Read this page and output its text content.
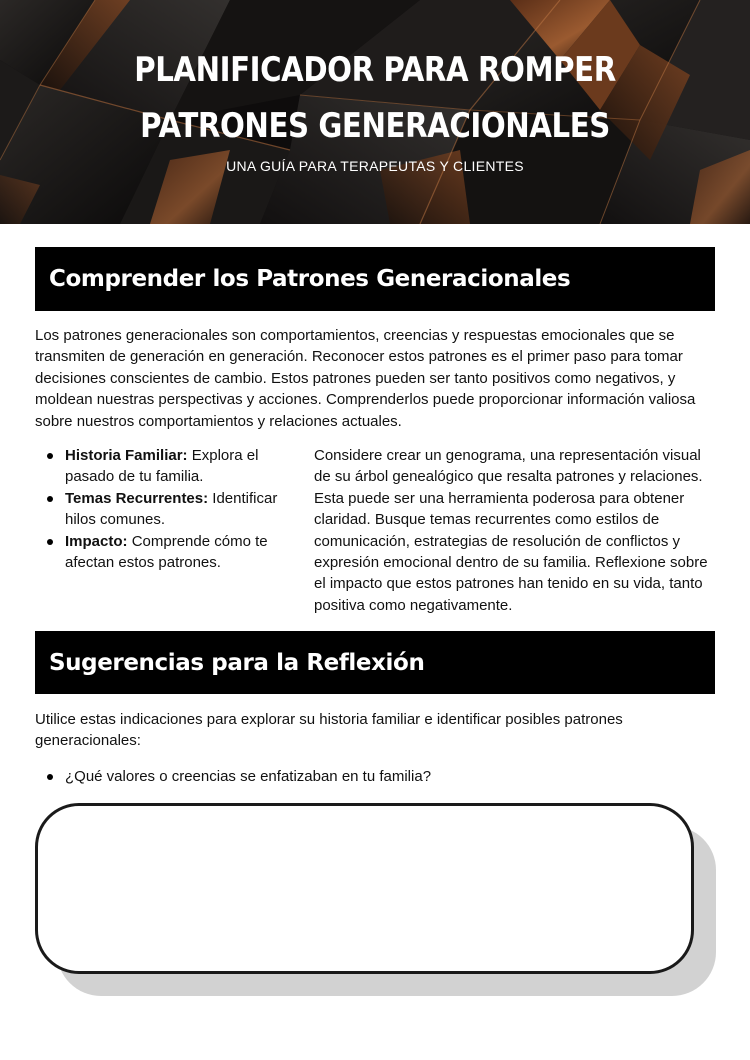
PLANIFICADOR PARA ROMPER
PATRONES GENERACIONALES
UNA GUÍA PARA TERAPEUTAS Y CLIENTES
Comprender los Patrones Generacionales

Los patrones generacionales son comportamientos, creencias y respuestas emocionales que se transmiten de generación en generación. Reconocer estos patrones es el primer paso para tomar decisiones conscientes de cambio. Estos patrones pueden ser tanto positivos como negativos, y moldean nuestras perspectivas y acciones. Comprenderlos puede proporcionar información valiosa sobre nuestros comportamientos y relaciones actuales.

Historia Familiar: Explora el pasado de tu familia.
Temas Recurrentes: Identificar hilos comunes.
Impacto: Comprende cómo te afectan estos patrones.

Considere crear un genograma, una representación visual de su árbol genealógico que resalta patrones y relaciones. Esta puede ser una herramienta poderosa para obtener claridad. Busque temas recurrentes como estilos de comunicación, estrategias de resolución de conflictos y expresión emocional dentro de su familia. Reflexione sobre el impacto que estos patrones han tenido en su vida, tanto positiva como negativamente.

Sugerencias para la Reflexión

Utilice estas indicaciones para explorar su historia familiar e identificar posibles patrones generacionales:

¿Qué valores o creencias se enfatizaban en tu familia?
